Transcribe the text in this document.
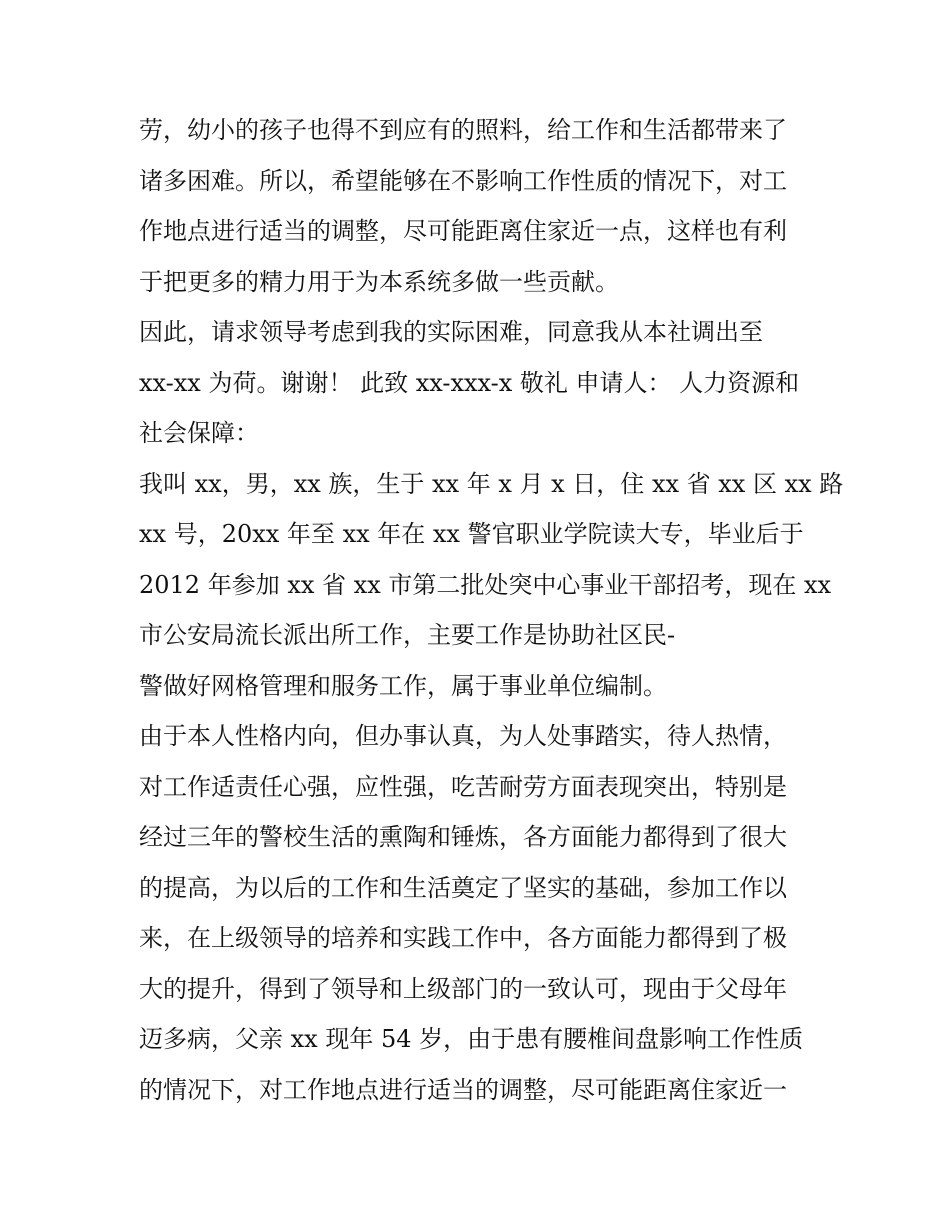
劳，幼小的孩子也得不到应有的照料，给工作和生活都带来了
诸多困难。所以，希望能够在不影响工作性质的情况下，对工
作地点进行适当的调整，尽可能距离住家近一点，这样也有利
于把更多的精力用于为本系统多做一些贡献。
因此，请求领导考虑到我的实际困难，同意我从本社调出至
xx-xx 为荷。谢谢！ 此致 xx-xxx-x 敬礼 申请人： 人力资源和
社会保障：
我叫 xx，男，xx 族，生于 xx 年 x 月 x 日，住 xx 省 xx 区 xx 路
xx 号，20xx 年至 xx 年在 xx 警官职业学院读大专，毕业后于
2012 年参加 xx 省 xx 市第二批处突中心事业干部招考，现在 xx
市公安局流长派出所工作，主要工作是协助社区民-
警做好网格管理和服务工作，属于事业单位编制。
由于本人性格内向，但办事认真，为人处事踏实，待人热情，
对工作适责任心强，应性强，吃苦耐劳方面表现突出，特别是
经过三年的警校生活的熏陶和锤炼，各方面能力都得到了很大
的提高，为以后的工作和生活奠定了坚实的基础，参加工作以
来，在上级领导的培养和实践工作中，各方面能力都得到了极
大的提升，得到了领导和上级部门的一致认可，现由于父母年
迈多病，父亲 xx 现年 54 岁，由于患有腰椎间盘影响工作性质
的情况下，对工作地点进行适当的调整，尽可能距离住家近一
